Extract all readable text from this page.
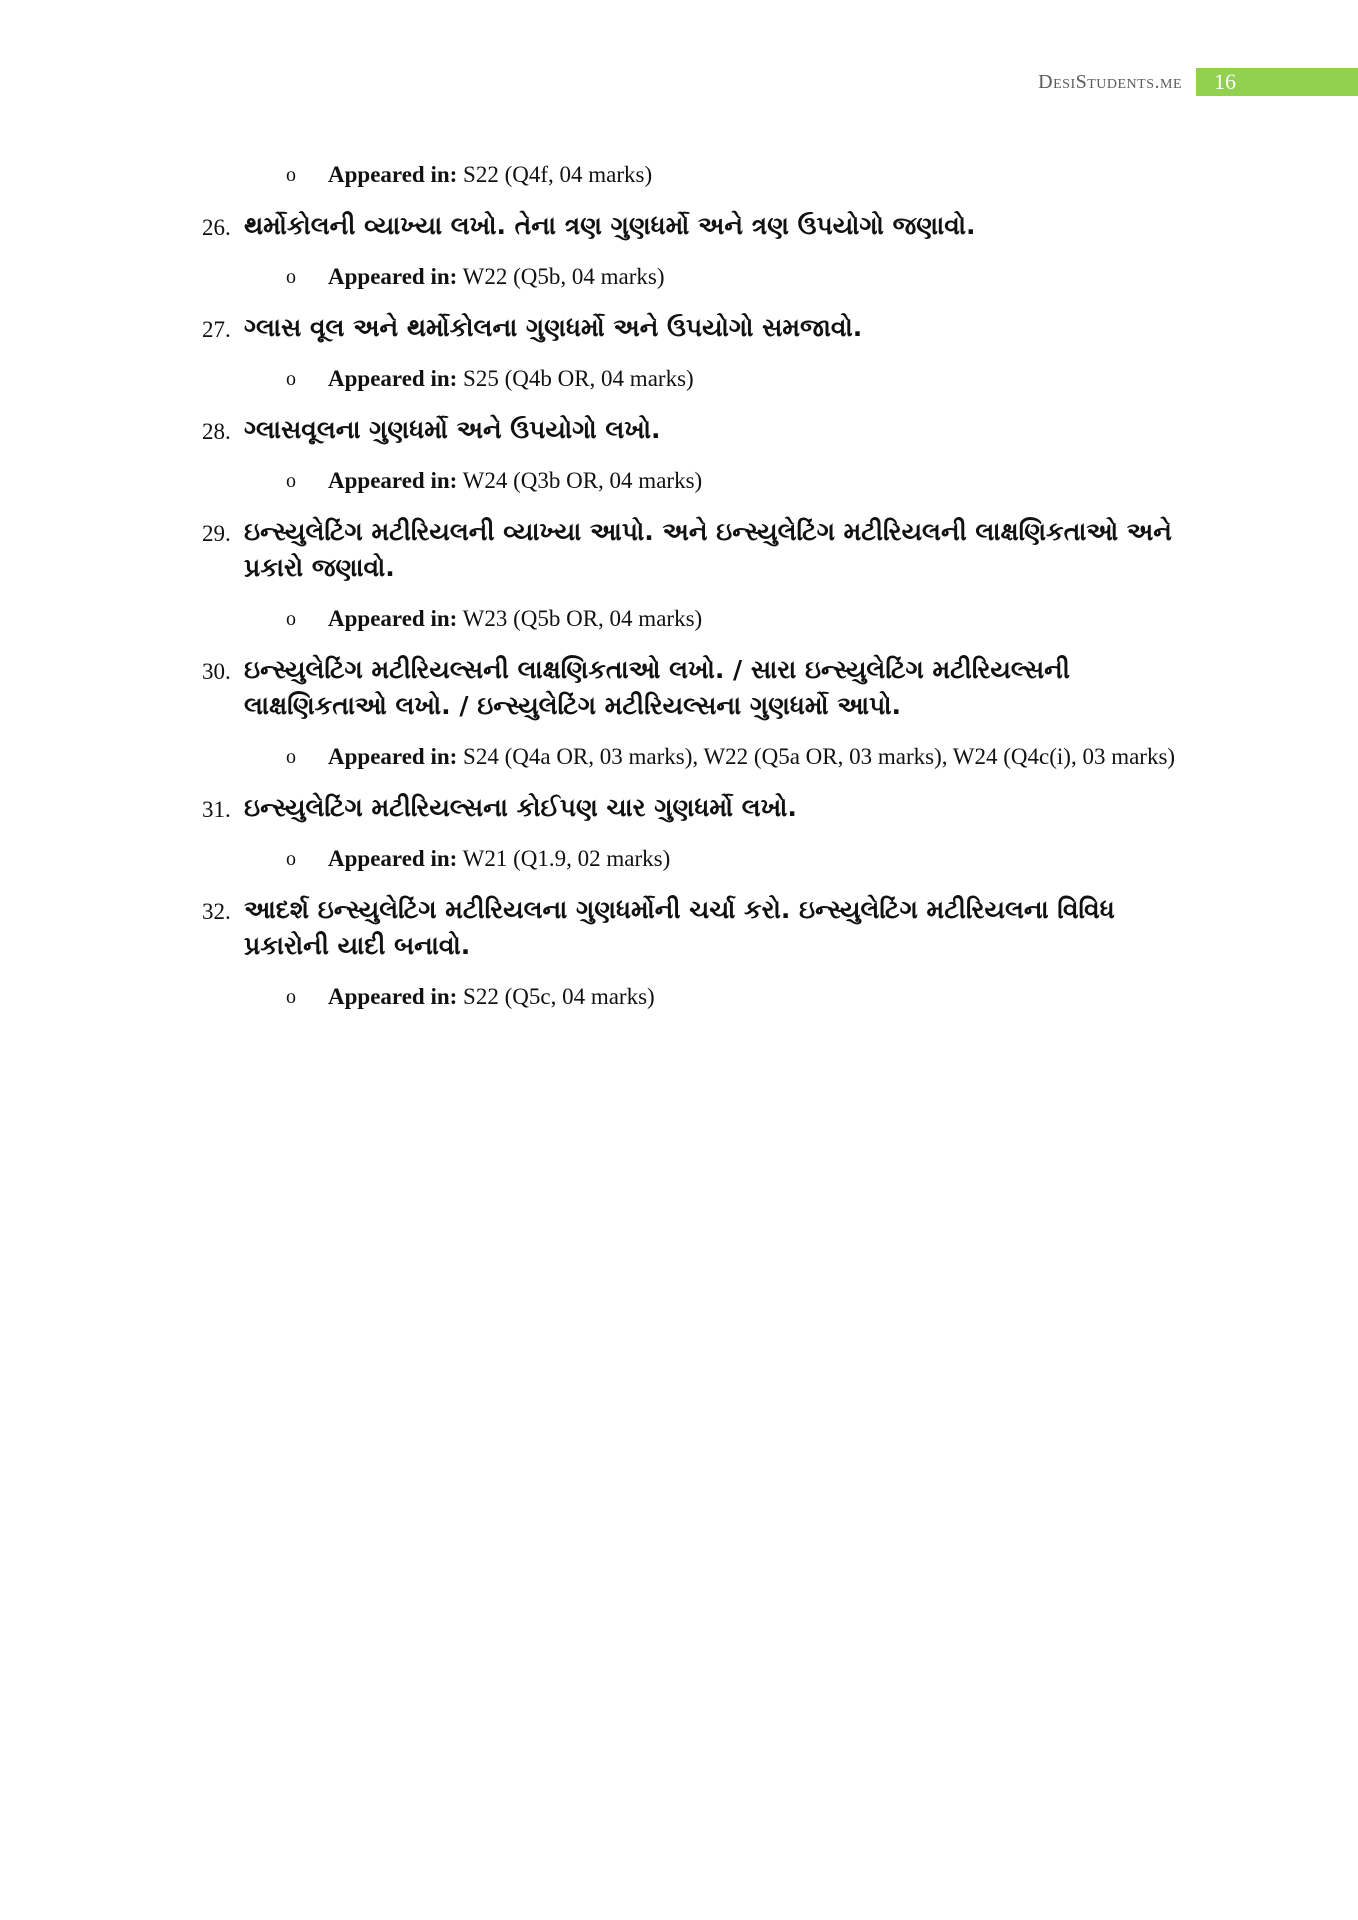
DesiStudents.me	16

o Appeared in: S22 (Q4f, 04 marks)

26. થર્મોકોલની વ્યાખ્યા લખો. તેના ત્રણ ગુણધર્મો અને ત્રણ ઉપયોગો જણાવો.

o Appeared in: W22 (Q5b, 04 marks)

27. ગ્લાસ વૂલ અને થર્મોકોલના ગુણધર્મો અને ઉપયોગો સમજાવો.

o Appeared in: S25 (Q4b OR, 04 marks)

28. ગ્લાસવૂલના ગુણધર્મો અને ઉપયોગો લખો.

o Appeared in: W24 (Q3b OR, 04 marks)

29. ઇન્સ્યુલેટિંગ મટીરિયલની વ્યાખ્યા આપો. અને ઇન્સ્યુલેટિંગ મટીરિયલની લાક્ષણિકતાઓ અને પ્રકારો જણાવો.

o Appeared in: W23 (Q5b OR, 04 marks)

30. ઇન્સ્યુલેટિંગ મટીરિયલ્સની લાક્ષણિકતાઓ લખો. / સારા ઇન્સ્યુલેટિંગ મટીરિયલ્સની લાક્ષણિકતાઓ લખો. / ઇન્સ્યુલેટિંગ મટીરિયલ્સના ગુણધર્મો આપો.

o Appeared in: S24 (Q4a OR, 03 marks), W22 (Q5a OR, 03 marks), W24 (Q4c(i), 03 marks)

31. ઇન્સ્યુલેટિંગ મટીરિયલ્સના કોઈપણ ચાર ગુણધર્મો લખો.

o Appeared in: W21 (Q1.9, 02 marks)

32. આદર્શ ઇન્સ્યુલેટિંગ મટીરિયલના ગુણધર્મોની ચર્ચા કરો. ઇન્સ્યુલેટિંગ મટીરિયલના વિવિધ પ્રકારોની યાદી બનાવો.

o Appeared in: S22 (Q5c, 04 marks)
